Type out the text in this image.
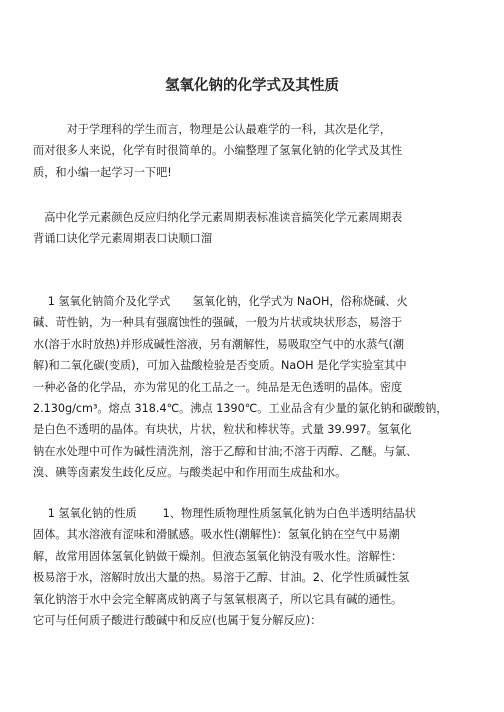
氢氧化钠的化学式及其性质
　　　对于学理科的学生而言，物理是公认最难学的一科，其次是化学，
而对很多人来说，化学有时很简单的。小编整理了氢氧化钠的化学式及其性
质，和小编一起学习一下吧!
　高中化学元素颜色反应归纳化学元素周期表标准读音搞笑化学元素周期表
背诵口诀化学元素周期表口诀顺口溜
　 1 氢氧化钠简介及化学式　　氢氧化钠，化学式为 NaOH，俗称烧碱、火
碱、苛性钠，为一种具有强腐蚀性的强碱，一般为片状或块状形态，易溶于
水(溶于水时放热)并形成碱性溶液，另有潮解性，易吸取空气中的水蒸气(潮
解)和二氧化碳(变质)，可加入盐酸检验是否变质。NaOH 是化学实验室其中
一种必备的化学品，亦为常见的化工品之一。纯品是无色透明的晶体。密度
2.130g/cm³。熔点 318.4℃。沸点 1390℃。工业品含有少量的氯化钠和碳酸钠，
是白色不透明的晶体。有块状，片状，粒状和棒状等。式量 39.997。氢氧化
钠在水处理中可作为碱性清洗剂，溶于乙醇和甘油;不溶于丙醇、乙醚。与氯、
溴、碘等卤素发生歧化反应。与酸类起中和作用而生成盐和水。
　 1 氢氧化钠的性质　　 1、物理性质物理性质氢氧化钠为白色半透明结晶状
固体。其水溶液有涩味和滑腻感。吸水性(潮解性)：氢氧化钠在空气中易潮
解，故常用固体氢氧化钠做干燥剂。但液态氢氧化钠没有吸水性。溶解性：
极易溶于水，溶解时放出大量的热。易溶于乙醇、甘油。2、化学性质碱性氢
氧化钠溶于水中会完全解离成钠离子与氢氧根离子，所以它具有碱的通性。
它可与任何质子酸进行酸碱中和反应(也属于复分解反应)：
